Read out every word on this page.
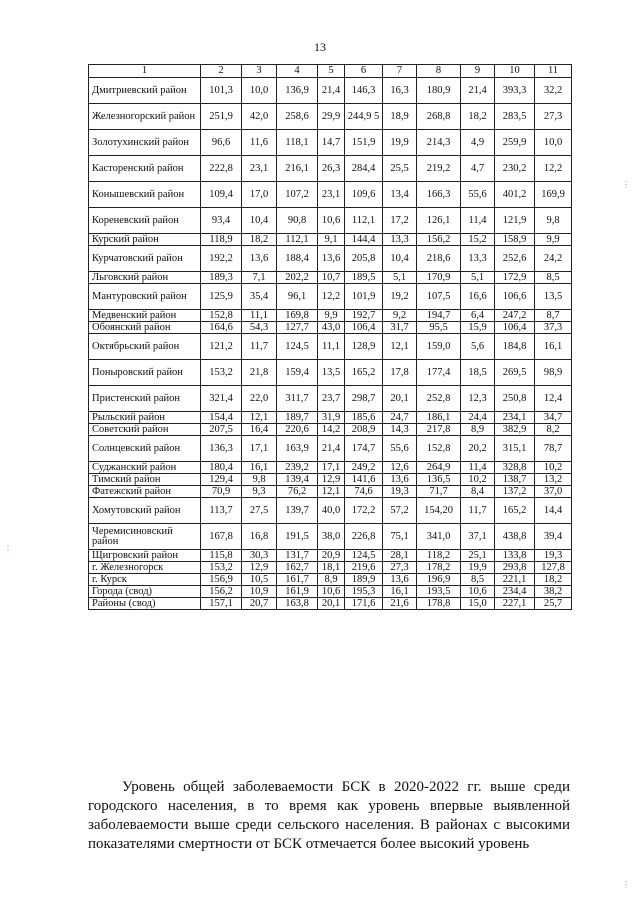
13
1	2	3	4	5	6	7	8	9	10	11
Дмитриевский район	101,3	10,0	136,9	21,4	146,3	16,3	180,9	21,4	393,3	32,2
Железногорский район	251,9	42,0	258,6	29,9	244,9 5	18,9	268,8	18,2	283,5	27,3
Золотухинский район	96,6	11,6	118,1	14,7	151,9	19,9	214,3	4,9	259,9	10,0
Касторенский район	222,8	23,1	216,1	26,3	284,4	25,5	219,2	4,7	230,2	12,2
Конышевский район	109,4	17,0	107,2	23,1	109,6	13,4	166,3	55,6	401,2	169,9
Кореневский район	93,4	10,4	90,8	10,6	112,1	17,2	126,1	11,4	121,9	9,8
Курский район	118,9	18,2	112,1	9,1	144,4	13,3	156,2	15,2	158,9	9,9
Курчатовский район	192,2	13,6	188,4	13,6	205,8	10,4	218,6	13,3	252,6	24,2
Льговский район	189,3	7,1	202,2	10,7	189,5	5,1	170,9	5,1	172,9	8,5
Мантуровский район	125,9	35,4	96,1	12,2	101,9	19,2	107,5	16,6	106,6	13,5
Медвенский район	152,8	11,1	169,8	9,9	192,7	9,2	194,7	6,4	247,2	8,7
Обоянский район	164,6	54,3	127,7	43,0	106,4	31,7	95,5	15,9	106,4	37,3
Октябрьский район	121,2	11,7	124,5	11,1	128,9	12,1	159,0	5,6	184,8	16,1
Поныровский район	153,2	21,8	159,4	13,5	165,2	17,8	177,4	18,5	269,5	98,9
Пристенский район	321,4	22,0	311,7	23,7	298,7	20,1	252,8	12,3	250,8	12,4
Рыльский район	154,4	12,1	189,7	31,9	185,6	24,7	186,1	24,4	234,1	34,7
Советский район	207,5	16,4	220,6	14,2	208,9	14,3	217,8	8,9	382,9	8,2
Солнцевский район	136,3	17,1	163,9	21,4	174,7	55,6	152,8	20,2	315,1	78,7
Суджанский район	180,4	16,1	239,2	17,1	249,2	12,6	264,9	11,4	328,8	10,2
Тимский район	129,4	9,8	139,4	12,9	141,6	13,6	136,5	10,2	138,7	13,2
Фатежский район	70,9	9,3	76,2	12,1	74,6	19,3	71,7	8,4	137,2	37,0
Хомутовский район	113,7	27,5	139,7	40,0	172,2	57,2	154,20	11,7	165,2	14,4
Черемисиновский район	167,8	16,8	191,5	38,0	226,8	75,1	341,0	37,1	438,8	39,4
Щигровский район	115,8	30,3	131,7	20,9	124,5	28,1	118,2	25,1	133,8	19,3
г. Железногорск	153,2	12,9	162,7	18,1	219,6	27,3	178,2	19,9	293,8	127,8
г. Курск	156,9	10,5	161,7	8,9	189,9	13,6	196,9	8,5	221,1	18,2
Города (свод)	156,2	10,9	161,9	10,6	195,3	16,1	193,5	10,6	234,4	38,2
Районы (свод)	157,1	20,7	163,8	20,1	171,6	21,6	178,8	15,0	227,1	25,7
Уровень общей заболеваемости БСК в 2020-2022 гг. выше среди городского населения, в то время как уровень впервые выявленной заболеваемости выше среди сельского населения. В районах с высокими показателями смертности от БСК отмечается более высокий уровень
⋮
⋮
⋮
